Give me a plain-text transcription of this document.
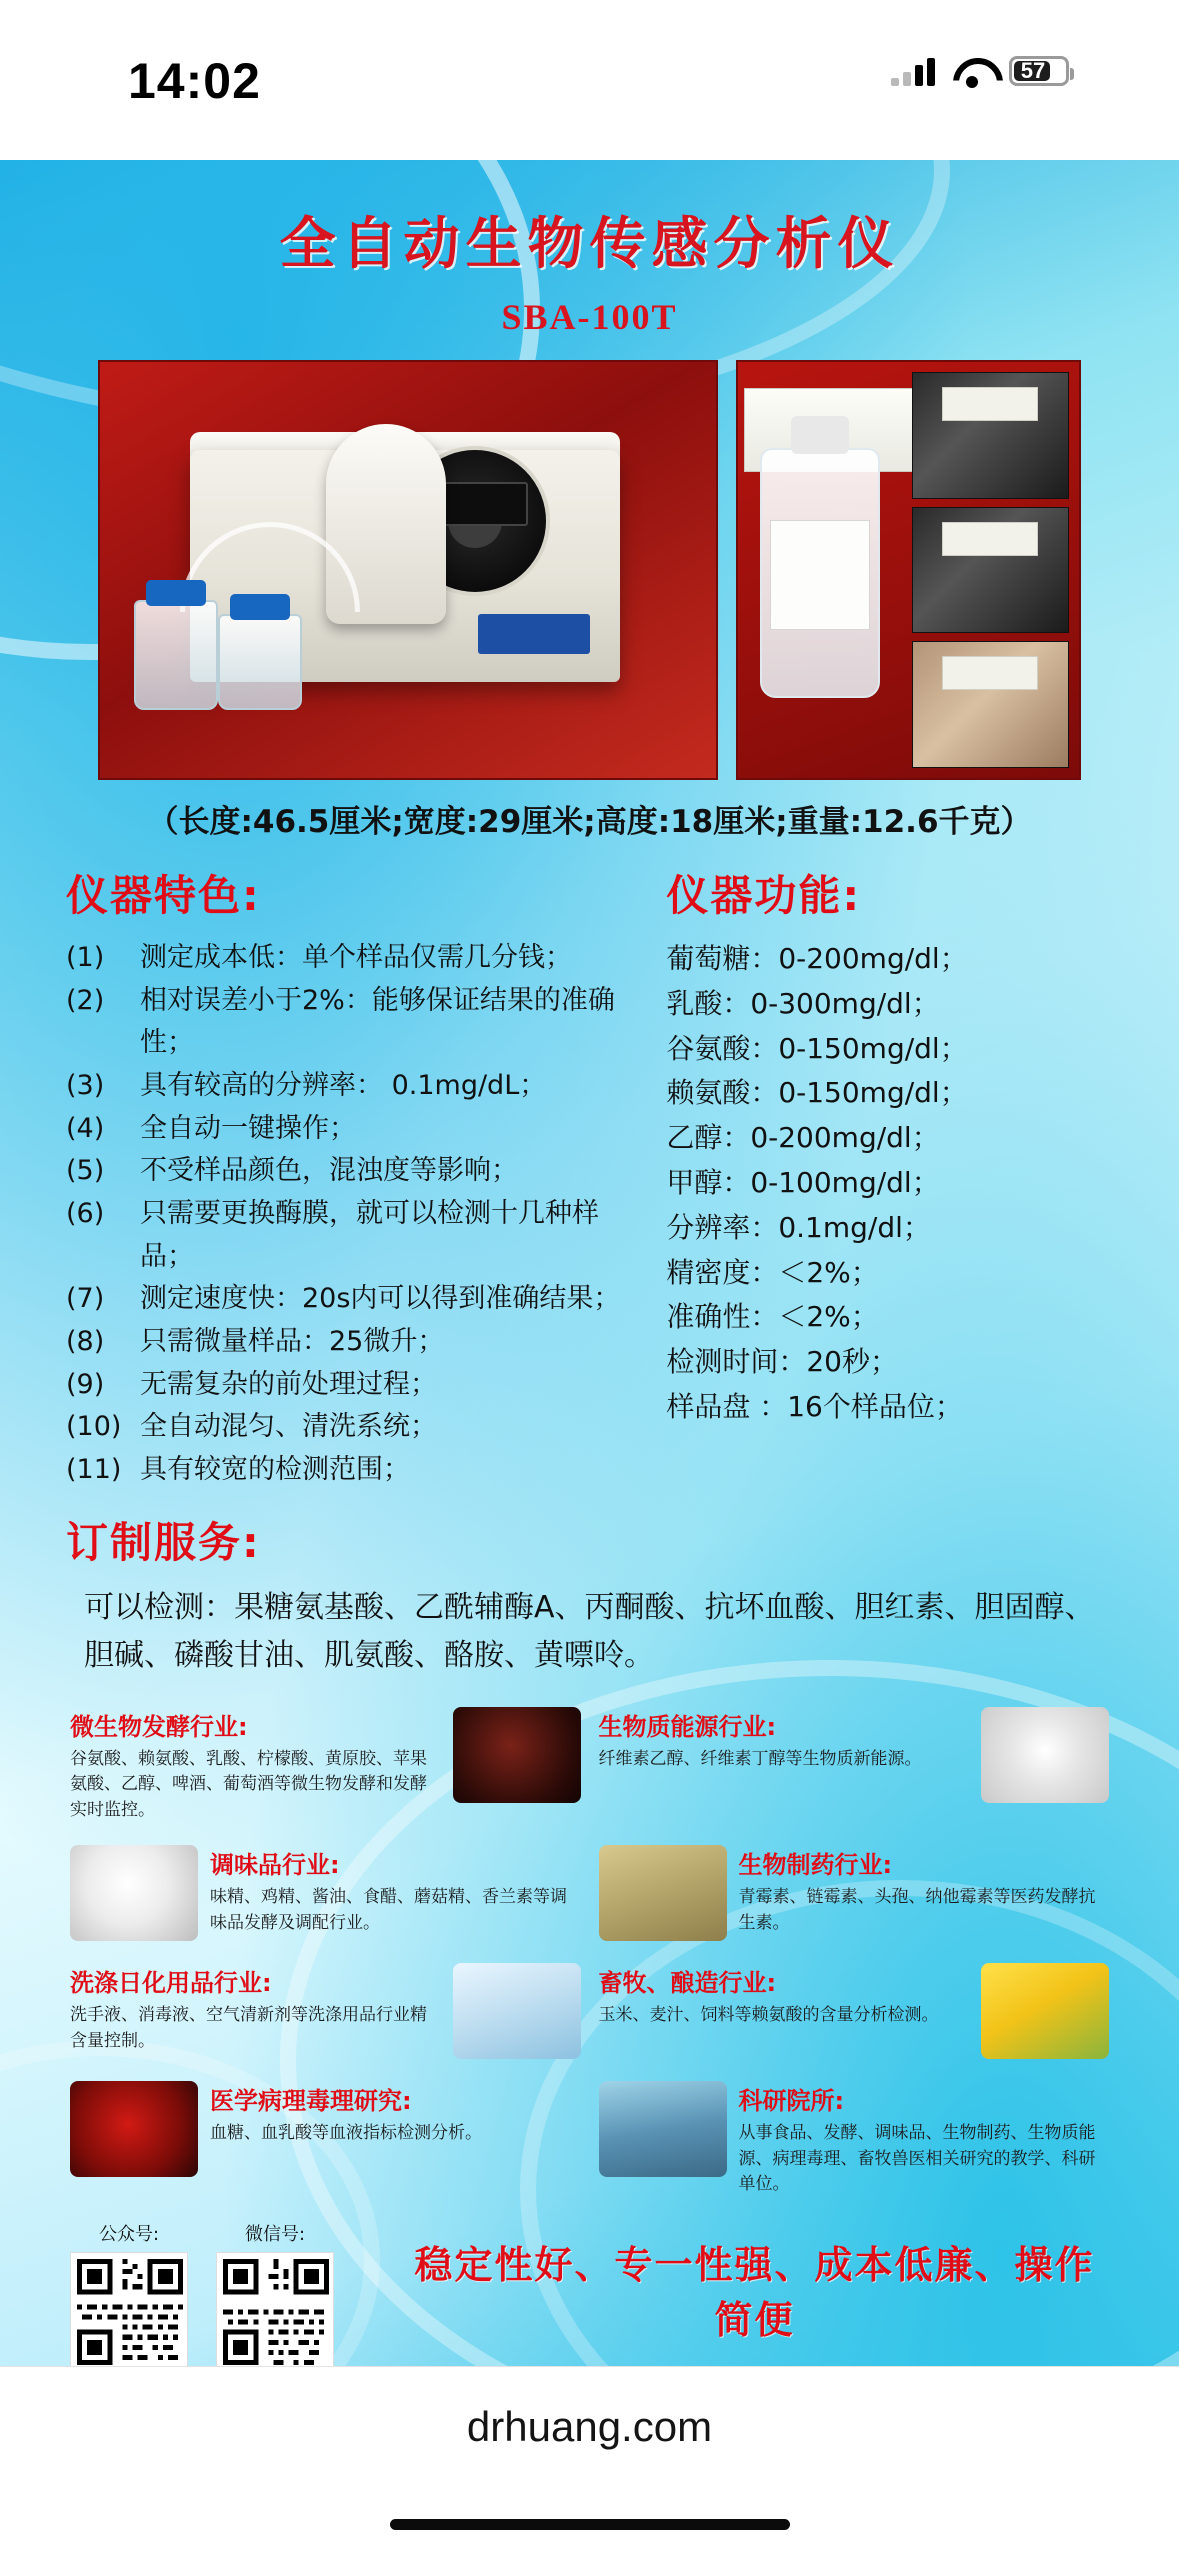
14:02	57
全自动生物传感分析仪
SBA-100T
（长度:46.5厘米;宽度:29厘米;高度:18厘米;重量:12.6千克）
仪器特色:
(1)	测定成本低：单个样品仅需几分钱；
(2)	相对误差小于2%：能够保证结果的准确性；
(3)	具有较高的分辨率： 0.1mg/dL；
(4)	全自动一键操作；
(5)	不受样品颜色，混浊度等影响；
(6)	只需要更换酶膜，就可以检测十几种样品；
(7)	测定速度快：20s内可以得到准确结果；
(8)	只需微量样品：25微升；
(9)	无需复杂的前处理过程；
(10) 全自动混匀、清洗系统；
(11) 具有较宽的检测范围；
仪器功能:
葡萄糖：0-200mg/dl；
乳酸：0-300mg/dl；
谷氨酸：0-150mg/dl；
赖氨酸：0-150mg/dl；
乙醇：0-200mg/dl；
甲醇：0-100mg/dl；
分辨率：0.1mg/dl；
精密度：＜2%；
准确性：＜2%；
检测时间：20秒；
样品盘 ：16个样品位；
订制服务:
可以检测：果糖氨基酸、乙酰辅酶A、丙酮酸、抗坏血酸、胆红素、胆固醇、胆碱、磷酸甘油、肌氨酸、酪胺、黄嘌呤。
微生物发酵行业:
谷氨酸、赖氨酸、乳酸、柠檬酸、黄原胶、苹果氨酸、乙醇、啤酒、葡萄酒等微生物发酵和发酵实时监控。
生物质能源行业:
纤维素乙醇、纤维素丁醇等生物质新能源。
调味品行业:
味精、鸡精、酱油、食醋、蘑菇精、香兰素等调味品发酵及调配行业。
生物制药行业:
青霉素、链霉素、头孢、纳他霉素等医药发酵抗生素。
洗涤日化用品行业:
洗手液、消毒液、空气清新剂等洗涤用品行业精含量控制。
畜牧、酿造行业:
玉米、麦汁、饲料等赖氨酸的含量分析检测。
医学病理毒理研究:
血糖、血乳酸等血液指标检测分析。
科研院所:
从事食品、发酵、调味品、生物制药、生物质能源、病理毒理、畜牧兽医相关研究的教学、科研单位。
公众号:	微信号:
稳定性好、专一性强、成本低廉、操作简便
drhuang.com
